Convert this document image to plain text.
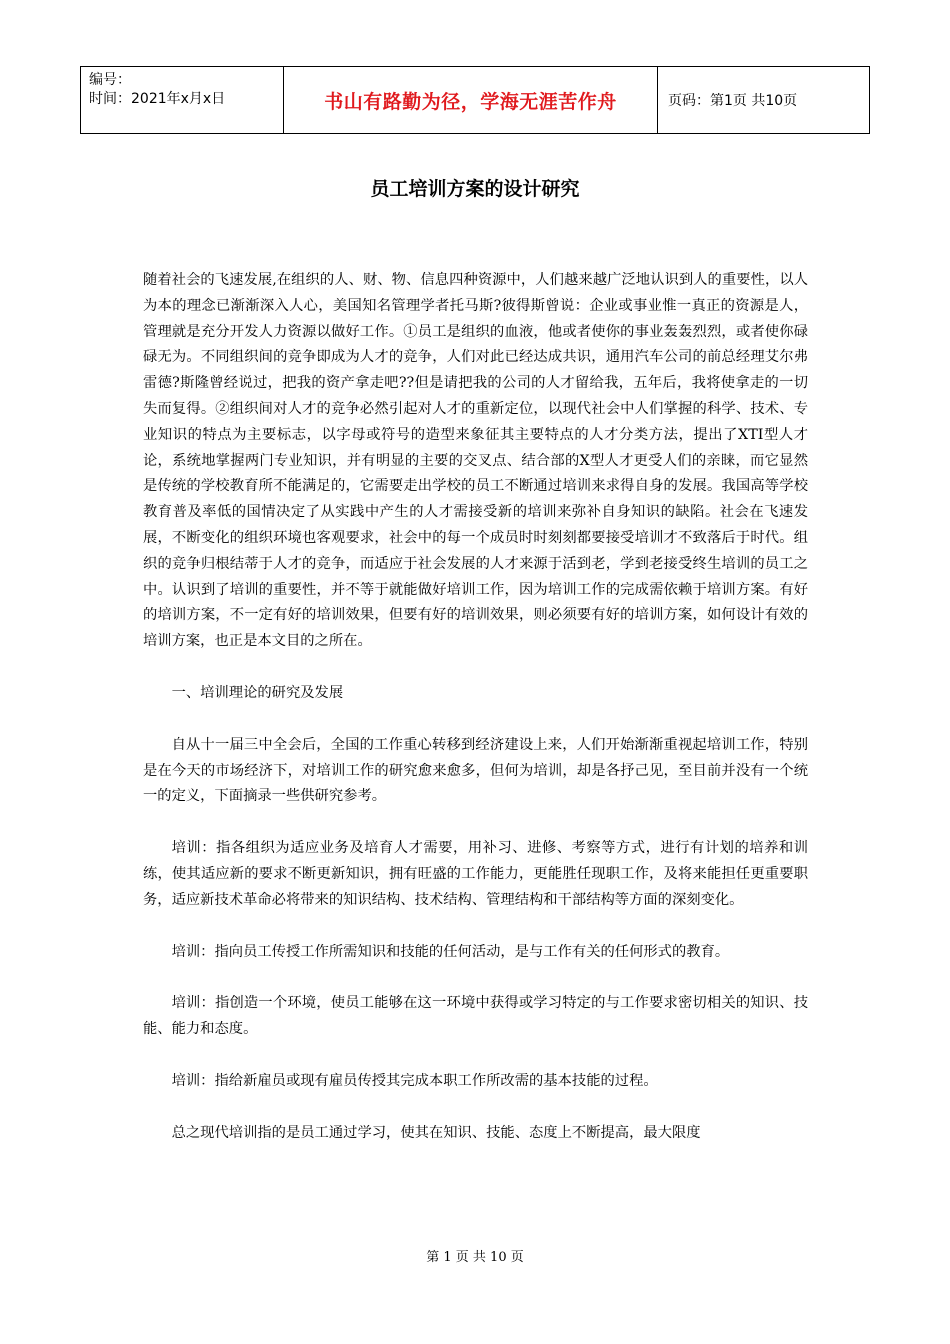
编号：
时间：2021年x月x日	书山有路勤为径，学海无涯苦作舟	页码：第1页 共10页
员工培训方案的设计研究

随着社会的飞速发展,在组织的人、财、物、信息四种资源中，人们越来越广泛地认识到人的重要性，以人为本的理念已渐渐深入人心，美国知名管理学者托马斯?彼得斯曾说：企业或事业惟一真正的资源是人，管理就是充分开发人力资源以做好工作。①员工是组织的血液，他或者使你的事业轰轰烈烈，或者使你碌碌无为。不同组织间的竞争即成为人才的竞争，人们对此已经达成共识，通用汽车公司的前总经理艾尔弗雷德?斯隆曾经说过，把我的资产拿走吧??但是请把我的公司的人才留给我，五年后，我将使拿走的一切失而复得。②组织间对人才的竞争必然引起对人才的重新定位，以现代社会中人们掌握的科学、技术、专业知识的特点为主要标志，以字母或符号的造型来象征其主要特点的人才分类方法，提出了XTI型人才论，系统地掌握两门专业知识，并有明显的主要的交叉点、结合部的X型人才更受人们的亲睐，而它显然是传统的学校教育所不能满足的，它需要走出学校的员工不断通过培训来求得自身的发展。我国高等学校教育普及率低的国情决定了从实践中产生的人才需接受新的培训来弥补自身知识的缺陷。社会在飞速发展，不断变化的组织环境也客观要求，社会中的每一个成员时时刻刻都要接受培训才不致落后于时代。组织的竞争归根结蒂于人才的竞争，而适应于社会发展的人才来源于活到老，学到老接受终生培训的员工之中。认识到了培训的重要性，并不等于就能做好培训工作，因为培训工作的完成需依赖于培训方案。有好的培训方案，不一定有好的培训效果，但要有好的培训效果，则必须要有好的培训方案，如何设计有效的培训方案，也正是本文目的之所在。

一、培训理论的研究及发展

自从十一届三中全会后，全国的工作重心转移到经济建设上来，人们开始渐渐重视起培训工作，特别是在今天的市场经济下，对培训工作的研究愈来愈多，但何为培训，却是各抒己见，至目前并没有一个统一的定义，下面摘录一些供研究参考。

培训：指各组织为适应业务及培育人才需要，用补习、进修、考察等方式，进行有计划的培养和训练，使其适应新的要求不断更新知识，拥有旺盛的工作能力，更能胜任现职工作，及将来能担任更重要职务，适应新技术革命必将带来的知识结构、技术结构、管理结构和干部结构等方面的深刻变化。

培训：指向员工传授工作所需知识和技能的任何活动，是与工作有关的任何形式的教育。

培训：指创造一个环境，使员工能够在这一环境中获得或学习特定的与工作要求密切相关的知识、技能、能力和态度。

培训：指给新雇员或现有雇员传授其完成本职工作所改需的基本技能的过程。

总之现代培训指的是员工通过学习，使其在知识、技能、态度上不断提高，最大限度

第 1 页 共 10 页
